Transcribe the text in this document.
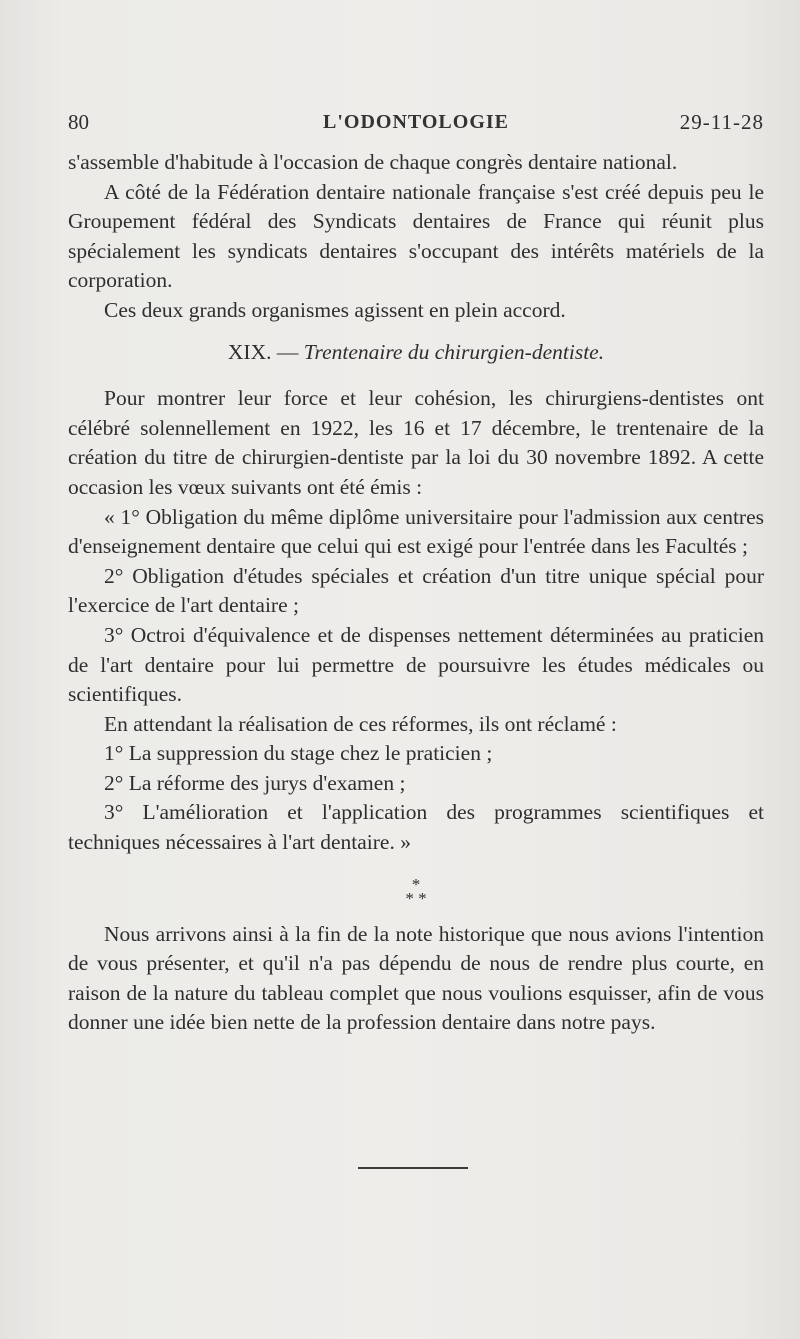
80	L'ODONTOLOGIE	29-11-28

s'assemble d'habitude à l'occasion de chaque congrès dentaire national.

A côté de la Fédération dentaire nationale française s'est créé depuis peu le Groupement fédéral des Syndicats dentaires de France qui réunit plus spécialement les syndicats dentaires s'occupant des intérêts matériels de la corporation.

Ces deux grands organismes agissent en plein accord.

XIX. — Trentenaire du chirurgien-dentiste.

Pour montrer leur force et leur cohésion, les chirurgiens-dentistes ont célébré solennellement en 1922, les 16 et 17 décembre, le trentenaire de la création du titre de chirurgien-dentiste par la loi du 30 novembre 1892. A cette occasion les vœux suivants ont été émis :

« 1° Obligation du même diplôme universitaire pour l'admission aux centres d'enseignement dentaire que celui qui est exigé pour l'entrée dans les Facultés ;

2° Obligation d'études spéciales et création d'un titre unique spécial pour l'exercice de l'art dentaire ;

3° Octroi d'équivalence et de dispenses nettement déterminées au praticien de l'art dentaire pour lui permettre de poursuivre les études médicales ou scientifiques.

En attendant la réalisation de ces réformes, ils ont réclamé :

1° La suppression du stage chez le praticien ;

2° La réforme des jurys d'examen ;

3° L'amélioration et l'application des programmes scientifiques et techniques nécessaires à l'art dentaire. »

*
* *

Nous arrivons ainsi à la fin de la note historique que nous avions l'intention de vous présenter, et qu'il n'a pas dépendu de nous de rendre plus courte, en raison de la nature du tableau complet que nous voulions esquisser, afin de vous donner une idée bien nette de la profession dentaire dans notre pays.
